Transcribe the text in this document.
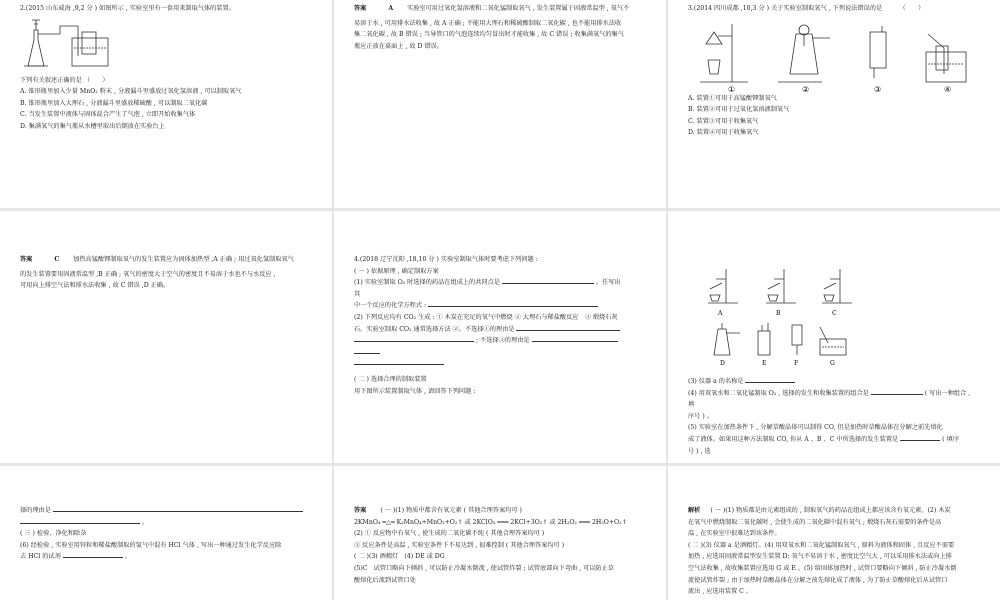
2.(2015 山东威海 ,9,2 分 ) 如图所示 , 实验室里有一套用来制取气体的装置。

下列有关叙述正确的是 （　　）

A. 锥形瓶里加入少量 MnO₂ 粉末 , 分液漏斗里盛放过氧化氢溶液 , 可以制取氧气

B. 锥形瓶里加入大理石 , 分液漏斗里盛放稀硫酸 , 可以制取二氧化碳

C. 当发生装置中液体与固体混合产生了气泡 , 立即开始收集气体

D. 集满氧气的集气瓶从水槽里取出后倒放在实验台上

答案	A 实验室可用过氧化氢溶液和二氧化锰制取氧气 , 发生装置属于固液常温型 , 氧气不

易溶于水 , 可用排水法收集 , 故 A 正确 ; 不能用大理石和稀硫酸制取二氧化碳 , 也不能用排水法收

集二氧化碳 , 故 B 错误 ; 当导管口的气泡连续均匀冒出时才能收集 , 故 C 错误 ; 收集满氧气的集气

瓶应正放在桌面上 , 故 D 错误。

3.(2014 四川成都 ,10,3 分 ) 关于实验室制取氧气 , 下列说法错误的是 　　　（　　）

①	②	③	④

A. 装置①可用于高锰酸钾制氧气

B. 装置②可用于过氧化氢溶液制氧气

C. 装置③可用于收集氧气

D. 装置④可用于收集氧气

答案	C 加热高锰酸钾制取氧气的发生装置应为固体加热型 ,A 正确 ; 用过氧化氢制取氧气

的发生装置要用固液常温型 ,B 正确 ; 氧气的密度大于空气的密度且不易溶于水也不与水反应 ,

可用向上排空气法和排水法收集 , 故 C 错误 ,D 正确。

4.(2018 辽宁沈阳 ,18,10 分 ) 实验室制取气体时要考虑下列问题 :

( 一 ) 依据原理 , 确定制取方案

(1) 实验室制取 O₂ 时选择的药品在组成上的共同点是	。任写出

其

中一个反应的化学方程式 :

(2) 下列反应均有 CO₂ 生成 : ① 木炭在充足的氧气中燃烧 ② 大理石与稀盐酸反应　③ 煅烧石灰

石。实验室制取 CO₂ 通常选择方法 ②。不选择①的理由是

; 不选择③的理由是

( 二 ) 选择合理的制取装置

用下图所示装置制取气体 , 请回答下列问题 :

A	B	C
D	E	F	G

(3) 仪器 a 的名称是

(4) 用双氧水和二氧化锰制取 O₂ , 选择的发生和收集装置的组合是	( 写出一种组合 ,

填

序号 ) 。

(5) 实验室在加热条件下 , 分解草酸晶体可以制得 CO, 但是加热时草酸晶体在分解之前先熔化

成了液体。如果用这种方法制取 CO, 你从 A 、B 、C 中所选择的发生装置是	( 填序

号 ) , 选

择的理由是

。

( 三 ) 检验、净化和除杂

(6) 经检验 , 实验室用锌粒和稀盐酸制取的氢气中混有 HCl 气体 , 写出一种通过发生化学反应除

去 HCl 的试剂	。

答案 ( 一 )(1) 物质中都含有氧元素 ( 其他合理答案均可 )

2KMnO₄ ═△═ K₂MnO₄+MnO₂+O₂↑ 或 2KClO₃ ═══ 2KCl+3O₂↑ 或 2H₂O₂ ═══ 2H₂O+O₂↑

(2) ① 反应物中有氧气 , 使生成的二氧化碳不纯 ( 其他合理答案均可 )

③ 反应条件是高温 , 实验室条件下不易达到 , 很难控制 ( 其他合理答案均可 )

( 二 )(3) 酒精灯　(4) DE 或 DG

(5)C　试管口略向下倾斜 , 可以防止冷凝水倒流 , 使试管炸裂 ; 试管底部向下弯曲 , 可以防止草

酸熔化后流到试管口处

解析 ( 一 )(1) 物质都是由元素组成的 , 制取氧气的药品在组成上都应该含有氧元素。(2) 木炭

在氧气中燃烧制取二氧化碳时 , 会使生成的二氧化碳中混有氧气 ; 煅烧石灰石需要的条件是高

温 , 在实验室中很难达到该条件。

( 二 )(3) 仪器 a 是酒精灯。(4) 用双氧水和二氧化锰制取氧气 , 原料为液体和固体 , 且反应不需要

加热 , 应选用固液常温型发生装置 D; 氧气不易溶于水 , 密度比空气大 , 可以采用排水法或向上排

空气法收集 , 故收集装置应选用 G 或 E 。(5) 给固体加热时 , 试管口要略向下倾斜 , 防止冷凝水倒

流使试管炸裂 ; 由于加热时草酸晶体在分解之前先熔化成了液体 , 为了防止草酸熔化后从试管口

流出 , 应选用装置 C 。
